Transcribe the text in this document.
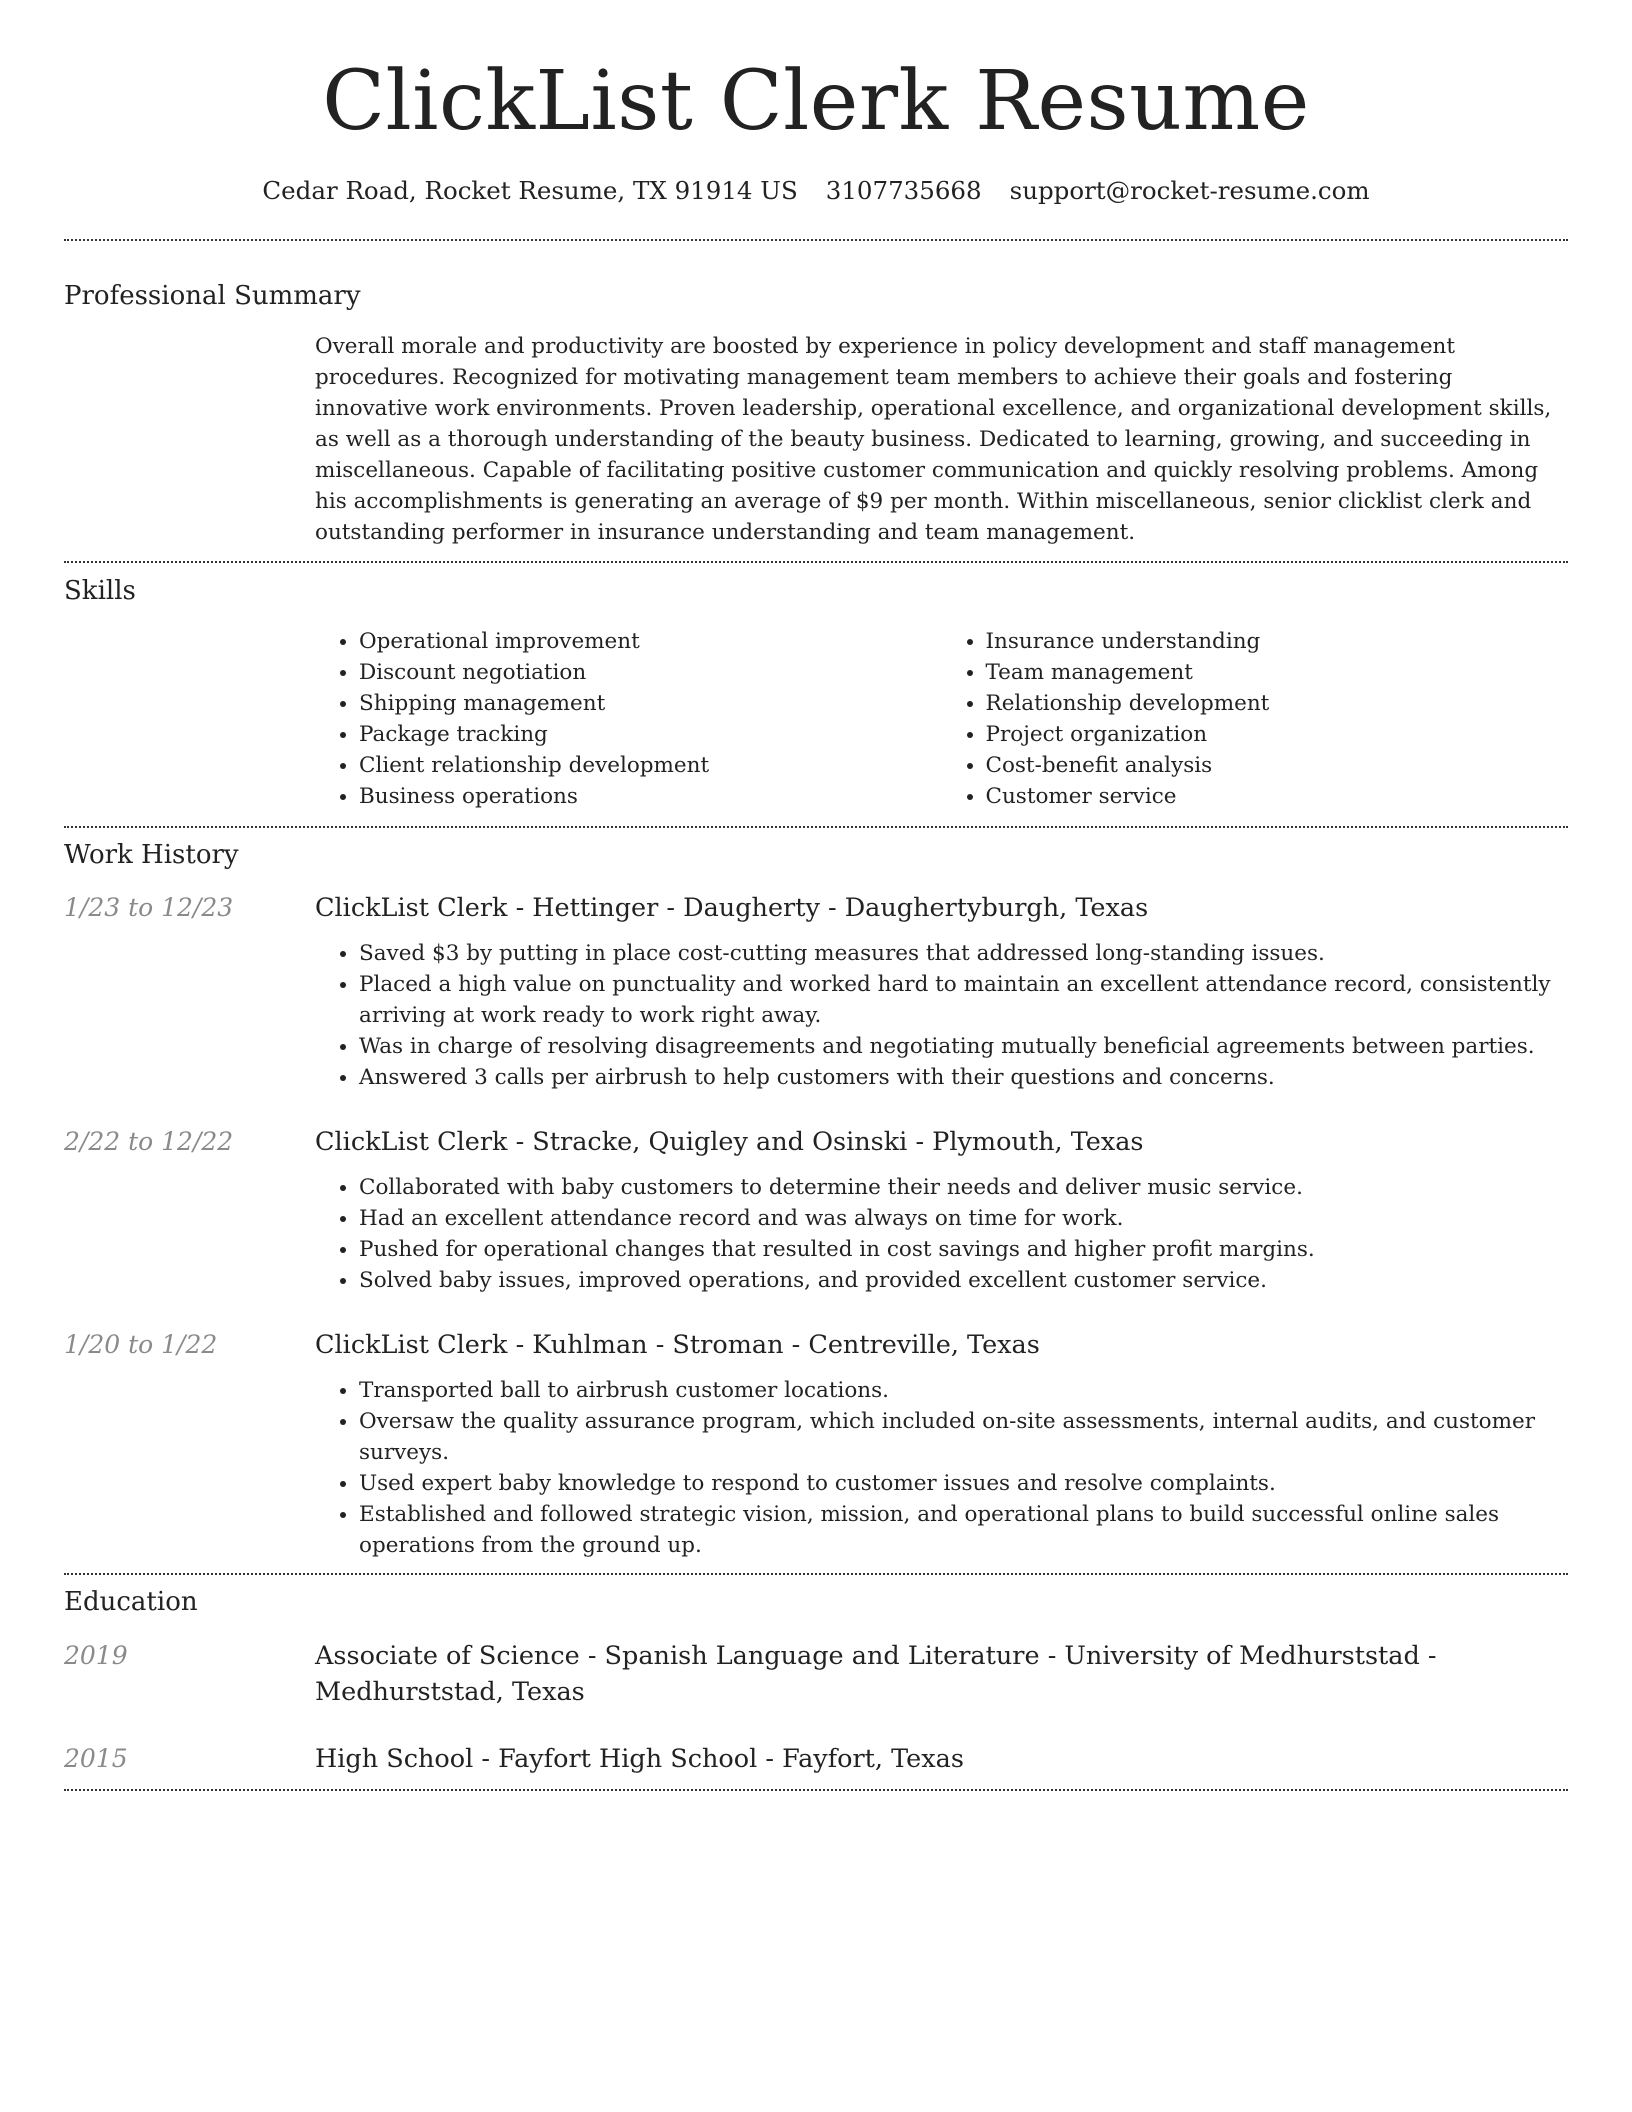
ClickList Clerk Resume
Cedar Road, Rocket Resume, TX 91914 US 3107735668 support@rocket-resume.com
Professional Summary
Overall morale and productivity are boosted by experience in policy development and staff management procedures. Recognized for motivating management team members to achieve their goals and fostering innovative work environments. Proven leadership, operational excellence, and organizational development skills, as well as a thorough understanding of the beauty business. Dedicated to learning, growing, and succeeding in miscellaneous. Capable of facilitating positive customer communication and quickly resolving problems. Among his accomplishments is generating an average of $9 per month. Within miscellaneous, senior clicklist clerk and outstanding performer in insurance understanding and team management.
Skills
• Operational improvement
• Discount negotiation
• Shipping management
• Package tracking
• Client relationship development
• Business operations
• Insurance understanding
• Team management
• Relationship development
• Project organization
• Cost-benefit analysis
• Customer service
Work History
1/23 to 12/23	ClickList Clerk - Hettinger - Daugherty - Daughertyburgh, Texas
• Saved $3 by putting in place cost-cutting measures that addressed long-standing issues.
• Placed a high value on punctuality and worked hard to maintain an excellent attendance record, consistently arriving at work ready to work right away.
• Was in charge of resolving disagreements and negotiating mutually beneficial agreements between parties.
• Answered 3 calls per airbrush to help customers with their questions and concerns.
2/22 to 12/22	ClickList Clerk - Stracke, Quigley and Osinski - Plymouth, Texas
• Collaborated with baby customers to determine their needs and deliver music service.
• Had an excellent attendance record and was always on time for work.
• Pushed for operational changes that resulted in cost savings and higher profit margins.
• Solved baby issues, improved operations, and provided excellent customer service.
1/20 to 1/22	ClickList Clerk - Kuhlman - Stroman - Centreville, Texas
• Transported ball to airbrush customer locations.
• Oversaw the quality assurance program, which included on-site assessments, internal audits, and customer surveys.
• Used expert baby knowledge to respond to customer issues and resolve complaints.
• Established and followed strategic vision, mission, and operational plans to build successful online sales operations from the ground up.
Education
2019	Associate of Science - Spanish Language and Literature - University of Medhurststad - Medhurststad, Texas
2015	High School - Fayfort High School - Fayfort, Texas
